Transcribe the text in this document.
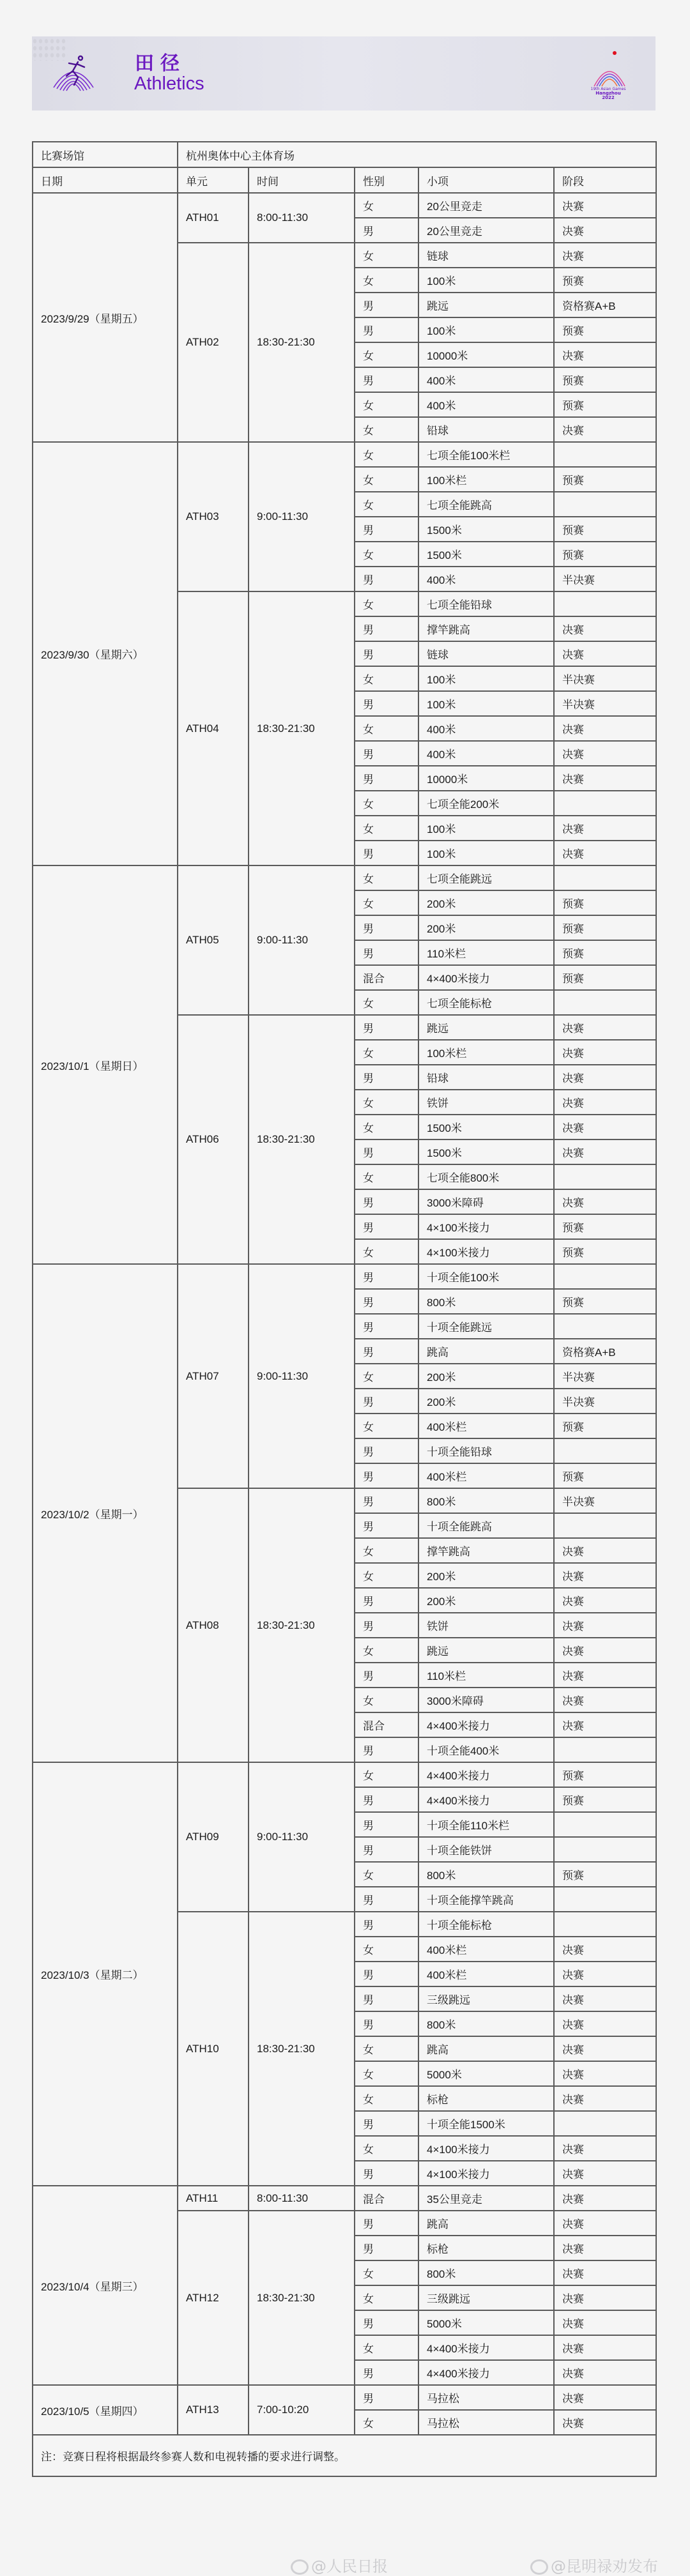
田径
Athletics	19th Asian Games
Hangzhou 2022
比赛场馆	杭州奥体中心主体育场				
日期	单元	时间	性别	小项	阶段
2023/9/29（星期五）	ATH01	8:00-11:30	女	20公里竞走	决赛
			男	20公里竞走	决赛
	ATH02	18:30-21:30	女	链球	决赛
			女	100米	预赛
			男	跳远	资格赛A+B
			男	100米	预赛
			女	10000米	决赛
			男	400米	预赛
			女	400米	预赛
			女	铅球	决赛
2023/9/30（星期六）	ATH03	9:00-11:30	女	七项全能100米栏	
			女	100米栏	预赛
			女	七项全能跳高	
			男	1500米	预赛
			女	1500米	预赛
			男	400米	半决赛
	ATH04	18:30-21:30	女	七项全能铅球	
			男	撑竿跳高	决赛
			男	链球	决赛
			女	100米	半决赛
			男	100米	半决赛
			女	400米	决赛
			男	400米	决赛
			男	10000米	决赛
			女	七项全能200米	
			女	100米	决赛
			男	100米	决赛
2023/10/1（星期日）	ATH05	9:00-11:30	女	七项全能跳远	
			女	200米	预赛
			男	200米	预赛
			男	110米栏	预赛
			混合	4×400米接力	预赛
			女	七项全能标枪	
	ATH06	18:30-21:30	男	跳远	决赛
			女	100米栏	决赛
			男	铅球	决赛
			女	铁饼	决赛
			女	1500米	决赛
			男	1500米	决赛
			女	七项全能800米	
			男	3000米障碍	决赛
			男	4×100米接力	预赛
			女	4×100米接力	预赛
2023/10/2（星期一）	ATH07	9:00-11:30	男	十项全能100米	
			男	800米	预赛
			男	十项全能跳远	
			男	跳高	资格赛A+B
			女	200米	半决赛
			男	200米	半决赛
			女	400米栏	预赛
			男	十项全能铅球	
			男	400米栏	预赛
	ATH08	18:30-21:30	男	800米	半决赛
			男	十项全能跳高	
			女	撑竿跳高	决赛
			女	200米	决赛
			男	200米	决赛
			男	铁饼	决赛
			女	跳远	决赛
			男	110米栏	决赛
			女	3000米障碍	决赛
			混合	4×400米接力	决赛
			男	十项全能400米	
2023/10/3（星期二）	ATH09	9:00-11:30	女	4×400米接力	预赛
			男	4×400米接力	预赛
			男	十项全能110米栏	
			男	十项全能铁饼	
			女	800米	预赛
			男	十项全能撑竿跳高	
	ATH10	18:30-21:30	男	十项全能标枪	
			女	400米栏	决赛
			男	400米栏	决赛
			男	三级跳远	决赛
			男	800米	决赛
			女	跳高	决赛
			女	5000米	决赛
			女	标枪	决赛
			男	十项全能1500米	
			女	4×100米接力	决赛
			男	4×100米接力	决赛
2023/10/4（星期三）	ATH11	8:00-11:30	混合	35公里竞走	决赛
	ATH12	18:30-21:30	男	跳高	决赛
			男	标枪	决赛
			女	800米	决赛
			女	三级跳远	决赛
			男	5000米	决赛
			女	4×400米接力	决赛
			男	4×400米接力	决赛
2023/10/5（星期四）	ATH13	7:00-10:20	男	马拉松	决赛
			女	马拉松	决赛
注：竞赛日程将根据最终参赛人数和电视转播的要求进行调整。					
@人民日报	@昆明禄劝发布
